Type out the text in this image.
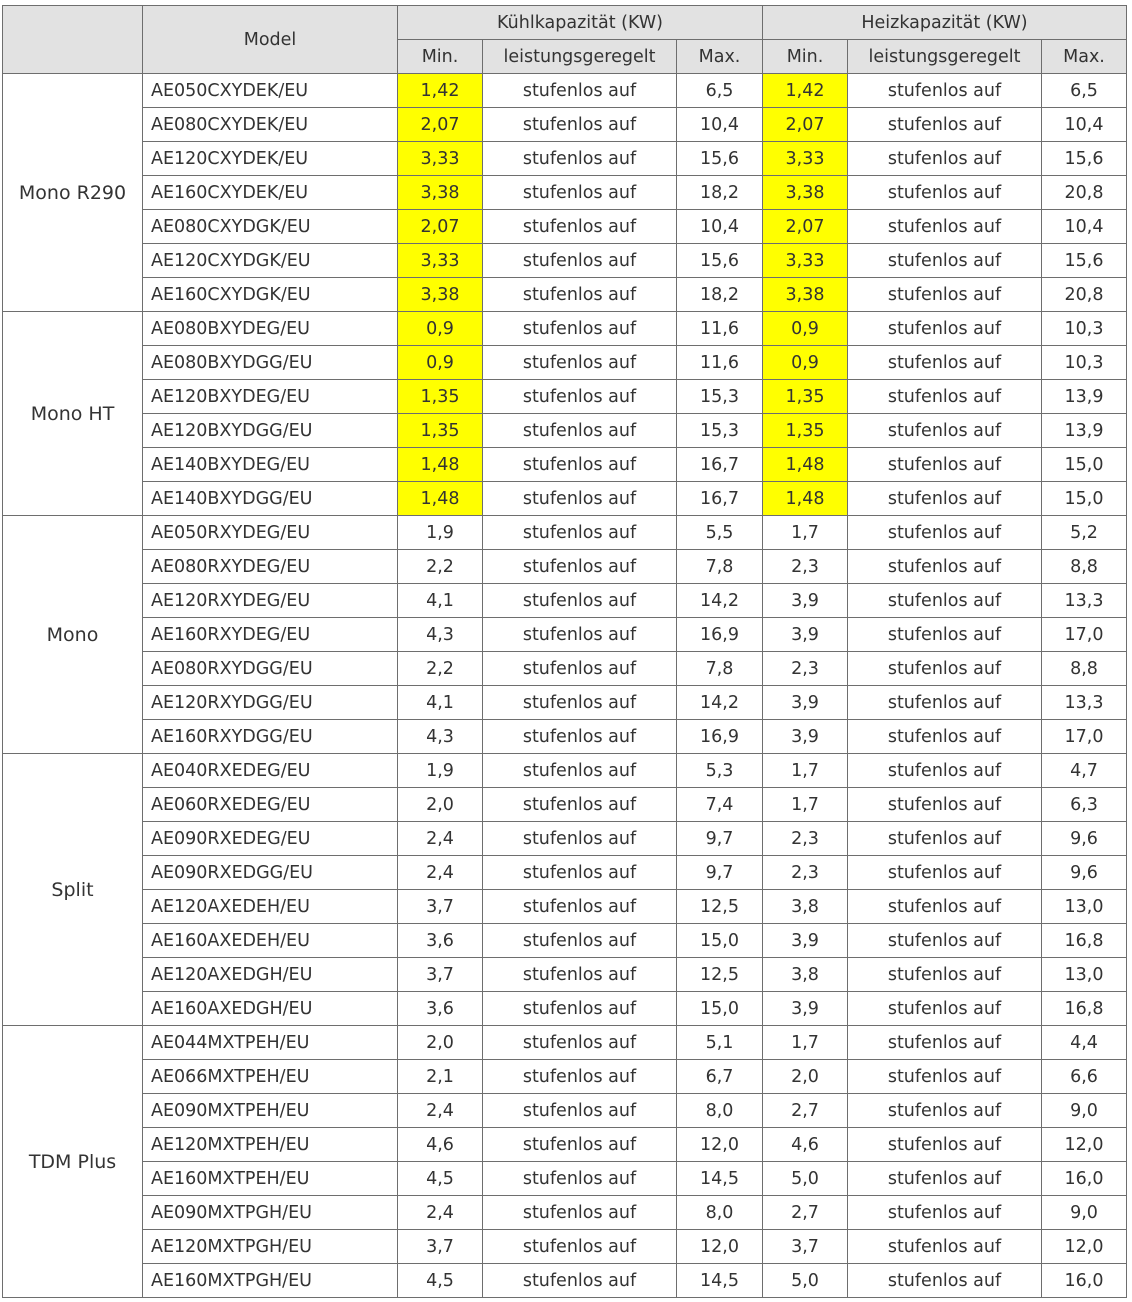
	Model	Kühlkapazität (KW)			Heizkapazität (KW)		
		Min.	leistungsgeregelt	Max.	Min.	leistungsgeregelt	Max.
Mono R290	AE050CXYDEK/EU	1,42	stufenlos auf	6,5	1,42	stufenlos auf	6,5
	AE080CXYDEK/EU	2,07	stufenlos auf	10,4	2,07	stufenlos auf	10,4
	AE120CXYDEK/EU	3,33	stufenlos auf	15,6	3,33	stufenlos auf	15,6
	AE160CXYDEK/EU	3,38	stufenlos auf	18,2	3,38	stufenlos auf	20,8
	AE080CXYDGK/EU	2,07	stufenlos auf	10,4	2,07	stufenlos auf	10,4
	AE120CXYDGK/EU	3,33	stufenlos auf	15,6	3,33	stufenlos auf	15,6
	AE160CXYDGK/EU	3,38	stufenlos auf	18,2	3,38	stufenlos auf	20,8
Mono HT	AE080BXYDEG/EU	0,9	stufenlos auf	11,6	0,9	stufenlos auf	10,3
	AE080BXYDGG/EU	0,9	stufenlos auf	11,6	0,9	stufenlos auf	10,3
	AE120BXYDEG/EU	1,35	stufenlos auf	15,3	1,35	stufenlos auf	13,9
	AE120BXYDGG/EU	1,35	stufenlos auf	15,3	1,35	stufenlos auf	13,9
	AE140BXYDEG/EU	1,48	stufenlos auf	16,7	1,48	stufenlos auf	15,0
	AE140BXYDGG/EU	1,48	stufenlos auf	16,7	1,48	stufenlos auf	15,0
Mono	AE050RXYDEG/EU	1,9	stufenlos auf	5,5	1,7	stufenlos auf	5,2
	AE080RXYDEG/EU	2,2	stufenlos auf	7,8	2,3	stufenlos auf	8,8
	AE120RXYDEG/EU	4,1	stufenlos auf	14,2	3,9	stufenlos auf	13,3
	AE160RXYDEG/EU	4,3	stufenlos auf	16,9	3,9	stufenlos auf	17,0
	AE080RXYDGG/EU	2,2	stufenlos auf	7,8	2,3	stufenlos auf	8,8
	AE120RXYDGG/EU	4,1	stufenlos auf	14,2	3,9	stufenlos auf	13,3
	AE160RXYDGG/EU	4,3	stufenlos auf	16,9	3,9	stufenlos auf	17,0
Split	AE040RXEDEG/EU	1,9	stufenlos auf	5,3	1,7	stufenlos auf	4,7
	AE060RXEDEG/EU	2,0	stufenlos auf	7,4	1,7	stufenlos auf	6,3
	AE090RXEDEG/EU	2,4	stufenlos auf	9,7	2,3	stufenlos auf	9,6
	AE090RXEDGG/EU	2,4	stufenlos auf	9,7	2,3	stufenlos auf	9,6
	AE120AXEDEH/EU	3,7	stufenlos auf	12,5	3,8	stufenlos auf	13,0
	AE160AXEDEH/EU	3,6	stufenlos auf	15,0	3,9	stufenlos auf	16,8
	AE120AXEDGH/EU	3,7	stufenlos auf	12,5	3,8	stufenlos auf	13,0
	AE160AXEDGH/EU	3,6	stufenlos auf	15,0	3,9	stufenlos auf	16,8
TDM Plus	AE044MXTPEH/EU	2,0	stufenlos auf	5,1	1,7	stufenlos auf	4,4
	AE066MXTPEH/EU	2,1	stufenlos auf	6,7	2,0	stufenlos auf	6,6
	AE090MXTPEH/EU	2,4	stufenlos auf	8,0	2,7	stufenlos auf	9,0
	AE120MXTPEH/EU	4,6	stufenlos auf	12,0	4,6	stufenlos auf	12,0
	AE160MXTPEH/EU	4,5	stufenlos auf	14,5	5,0	stufenlos auf	16,0
	AE090MXTPGH/EU	2,4	stufenlos auf	8,0	2,7	stufenlos auf	9,0
	AE120MXTPGH/EU	3,7	stufenlos auf	12,0	3,7	stufenlos auf	12,0
	AE160MXTPGH/EU	4,5	stufenlos auf	14,5	5,0	stufenlos auf	16,0
